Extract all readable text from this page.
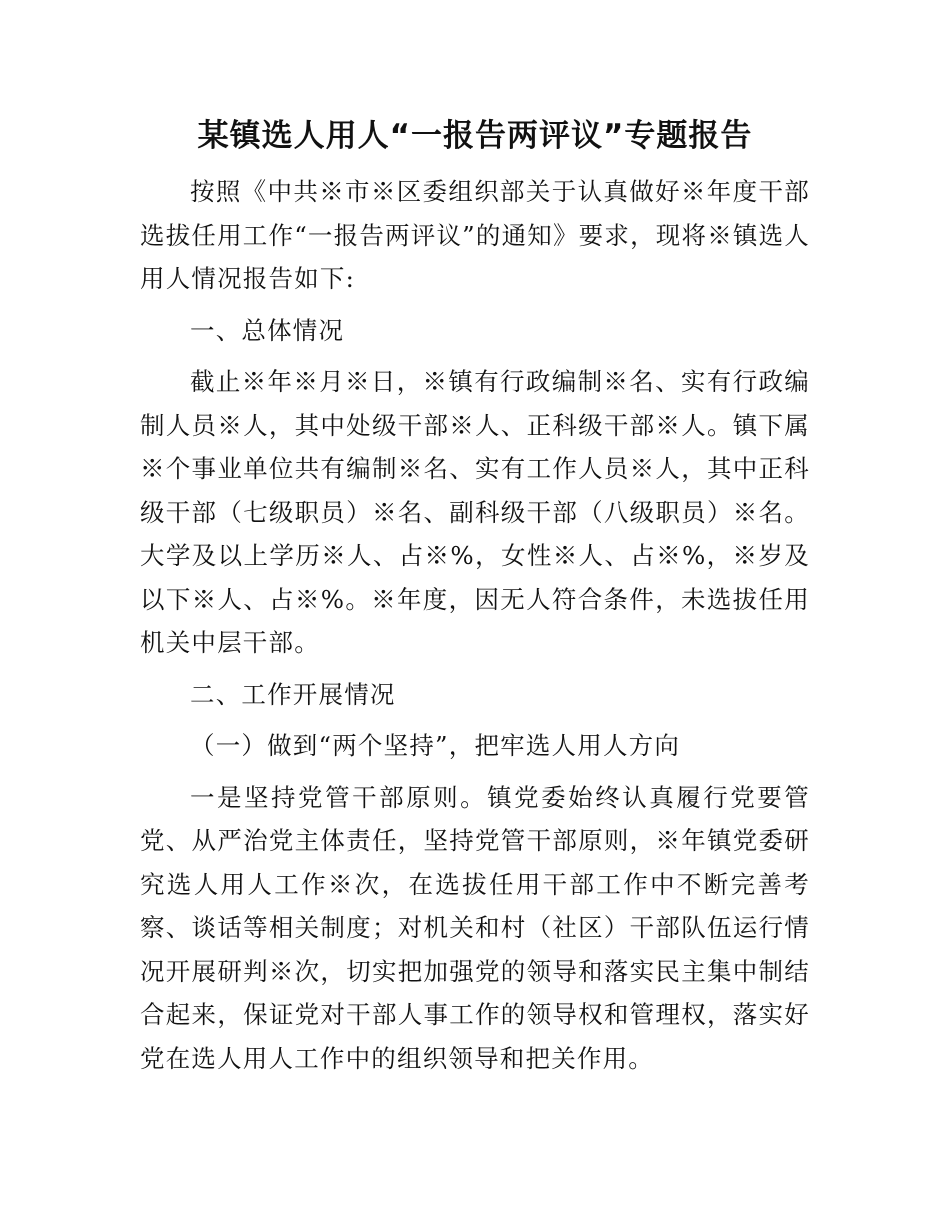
某镇选人用人“一报告两评议”专题报告

按照《中共※市※区委组织部关于认真做好※年度干部选拔任用工作“一报告两评议”的通知》要求，现将※镇选人用人情况报告如下:

一、总体情况

截止※年※月※日，※镇有行政编制※名、实有行政编制人员※人，其中处级干部※人、正科级干部※人。镇下属※个事业单位共有编制※名、实有工作人员※人，其中正科级干部（七级职员）※名、副科级干部（八级职员）※名。大学及以上学历※人、占※%，女性※人、占※%，※岁及以下※人、占※%。※年度，因无人符合条件，未选拔任用机关中层干部。

二、工作开展情况

（一）做到“两个坚持”，把牢选人用人方向

一是坚持党管干部原则。镇党委始终认真履行党要管党、从严治党主体责任，坚持党管干部原则，※年镇党委研究选人用人工作※次，在选拔任用干部工作中不断完善考察、谈话等相关制度；对机关和村（社区）干部队伍运行情况开展研判※次，切实把加强党的领导和落实民主集中制结合起来，保证党对干部人事工作的领导权和管理权，落实好党在选人用人工作中的组织领导和把关作用。
